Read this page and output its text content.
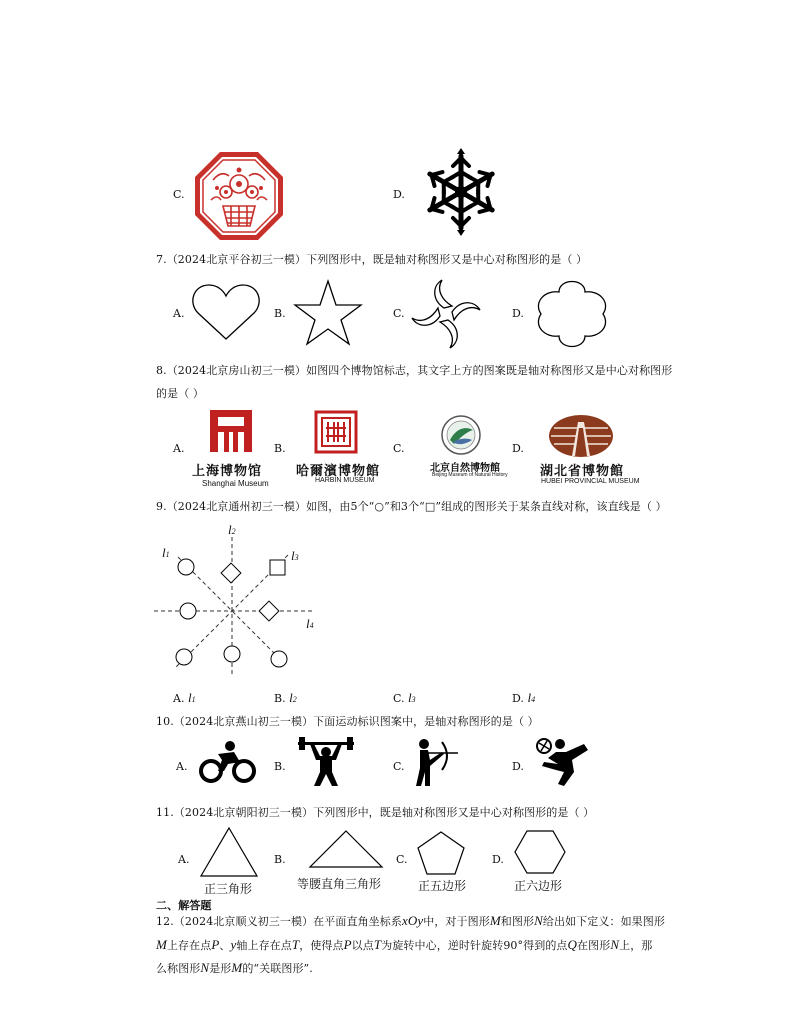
C.	D.
7.（2024北京平谷初三一模）下列图形中，既是轴对称图形又是中心对称图形的是（ ）
A.	B.	C.	D.
8.（2024北京房山初三一模）如图四个博物馆标志，其文字上方的图案既是轴对称图形又是中心对称图形
的是（ ）
A.
上海博物馆
Shanghai Museum
B.
哈爾濱博物館
HARBIN MUSEUM
C.
北京自然博物館
Beijing Museum of Natural History
D.
湖北省博物館
HUBEI PROVINCIAL MUSEUM
9.（2024北京通州初三一模）如图，由5个“○”和3个“□”组成的图形关于某条直线对称，该直线是（ ）
l1
l2
l3
l4
A. l1	B. l2	C. l3	D. l4
10.（2024北京燕山初三一模）下面运动标识图案中，是轴对称图形的是（ ）
A.	B.	C.	D.
11.（2024北京朝阳初三一模）下列图形中，既是轴对称图形又是中心对称图形的是（ ）
A.
正三角形
B.
等腰直角三角形
C.
正五边形
D.
正六边形
二、解答题
12.（2024北京顺义初三一模）在平面直角坐标系xOy中，对于图形M和图形N给出如下定义：如果图形
M上存在点P、y轴上存在点T，使得点P以点T为旋转中心，逆时针旋转90°得到的点Q在图形N上，那
么称图形N是形M的“关联图形”.
